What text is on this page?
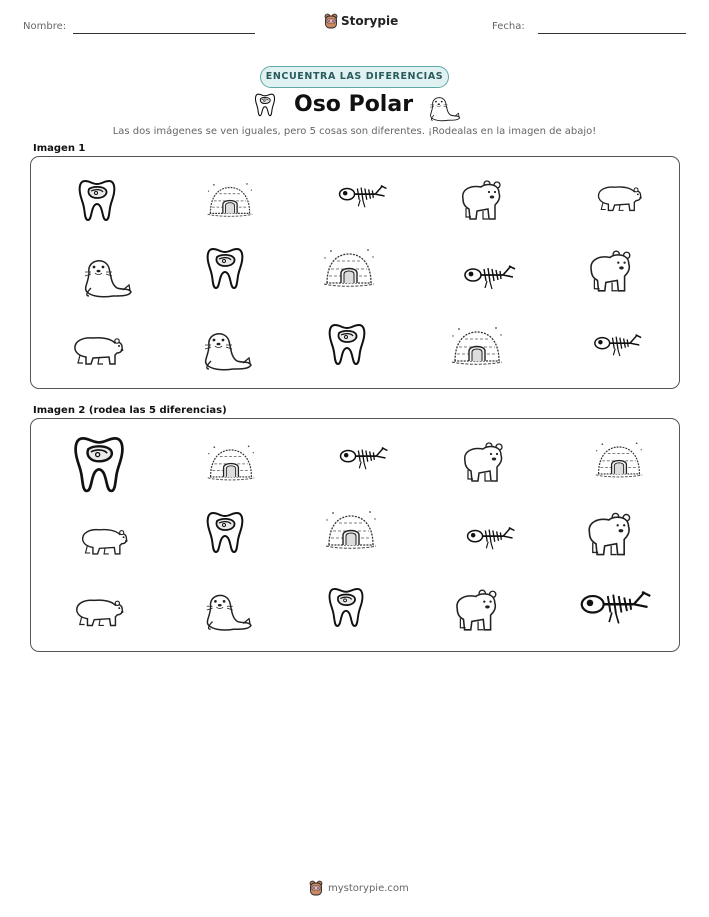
Nombre:	Storypie	Fecha:
ENCUENTRA LAS DIFERENCIAS
Oso Polar
Las dos imágenes se ven iguales, pero 5 cosas son diferentes. ¡Rodealas en la imagen de abajo!
Imagen 1
Imagen 2 (rodea las 5 diferencias)
mystorypie.com
